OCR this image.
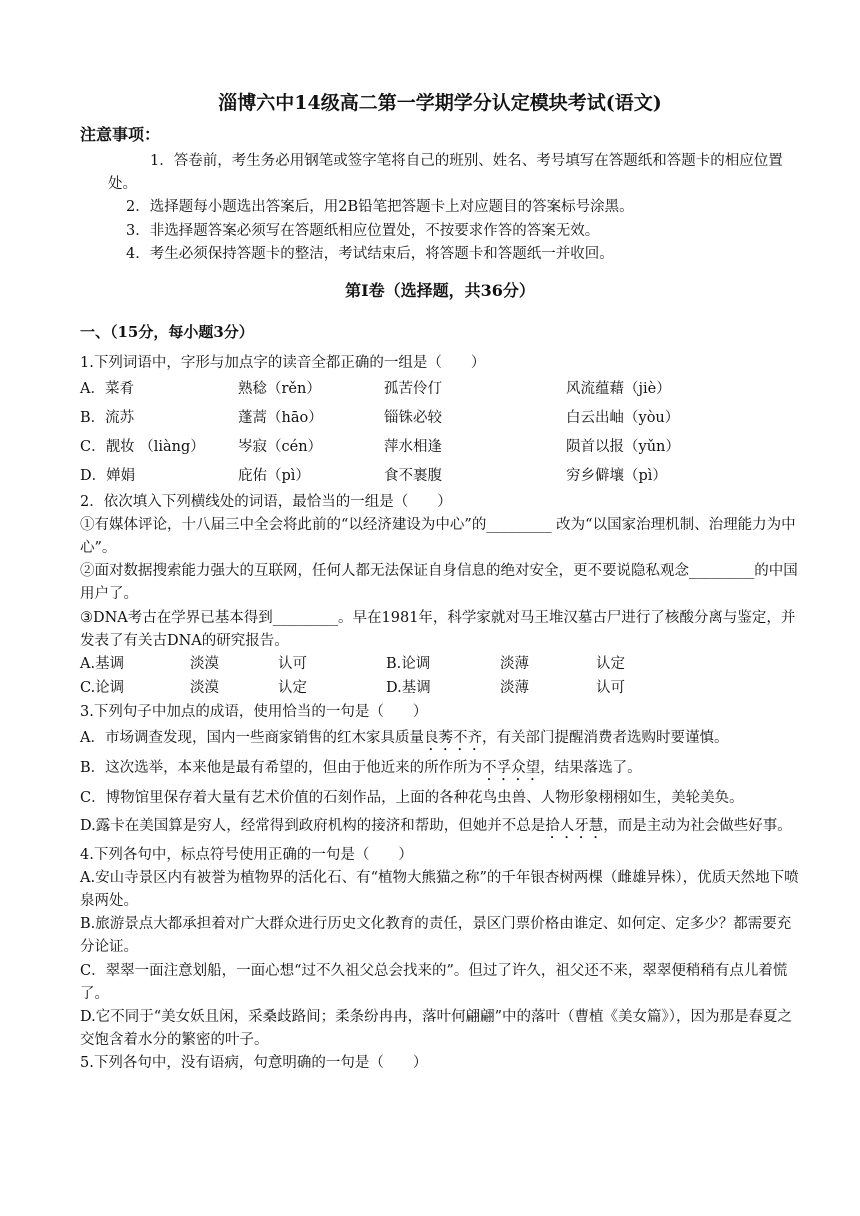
淄博六中14级高二第一学期学分认定模块考试(语文)
注意事项：

1．答卷前，考生务必用钢笔或签字笔将自己的班别、姓名、考号填写在答题纸和答题卡的相应位置处。

2．选择题每小题选出答案后，用2B铅笔把答题卡上对应题目的答案标号涂黑。

3．非选择题答案必须写在答题纸相应位置处，不按要求作答的答案无效。

4．考生必须保持答题卡的整洁，考试结束后，将答题卡和答题纸一并收回。

第Ⅰ卷（选择题，共36分）
一、（15分，每小题3分）

1.下列词语中，字形与加点字的读音全都正确的一组是（　　）

A．菜肴	熟稔（rěn）	孤苦伶仃	风流蕴藉（jiè）
B．流苏	蓬蒿（hāo）	锱铢必较	白云出岫（yòu）
C．靓妆 （liàng）	岑寂（cén）	萍水相逢	陨首以报（yǔn）
D．婵娟	庇佑（pì）	食不裹腹	穷乡僻壤（pì）

2．依次填入下列横线处的词语，最恰当的一组是（　　）

①有媒体评论，十八届三中全会将此前的“以经济建设为中心”的_________ 改为“以国家治理机制、治理能力为中心”。

②面对数据搜索能力强大的互联网，任何人都无法保证自身信息的绝对安全，更不要说隐私观念_________的中国用户了。

③DNA考古在学界已基本得到_________。早在1981年，科学家就对马王堆汉墓古尸进行了核酸分离与鉴定，并发表了有关古DNA的研究报告。

A.基调	淡漠	认可	B.论调	淡薄	认定
C.论调	淡漠	认定	D.基调	淡薄	认可

3.下列句子中加点的成语，使用恰当的一句是（　　）

A．市场调查发现，国内一些商家销售的红木家具质量良莠不齐，有关部门提醒消费者选购时要谨慎。

B．这次选举，本来他是最有希望的，但由于他近来的所作所为不孚众望，结果落选了。

C．博物馆里保存着大量有艺术价值的石刻作品，上面的各种花鸟虫兽、人物形象栩栩如生，美轮美奂。

D.露卡在美国算是穷人，经常得到政府机构的接济和帮助，但她并不总是拾人牙慧，而是主动为社会做些好事。

4.下列各句中，标点符号使用正确的一句是（　　）

A.安山寺景区内有被誉为植物界的活化石、有“植物大熊猫之称”的千年银杏树两棵（雌雄异株），优质天然地下喷泉两处。

B.旅游景点大都承担着对广大群众进行历史文化教育的责任，景区门票价格由谁定、如何定、定多少？都需要充分论证。

C．翠翠一面注意划船，一面心想“过不久祖父总会找来的”。但过了许久，祖父还不来，翠翠便稍稍有点儿着慌了。

D.它不同于“美女妖且闲，采桑歧路间；柔条纷冉冉，落叶何翩翩”中的落叶（曹植《美女篇》），因为那是春夏之交饱含着水分的繁密的叶子。

5.下列各句中，没有语病，句意明确的一句是（　　）
